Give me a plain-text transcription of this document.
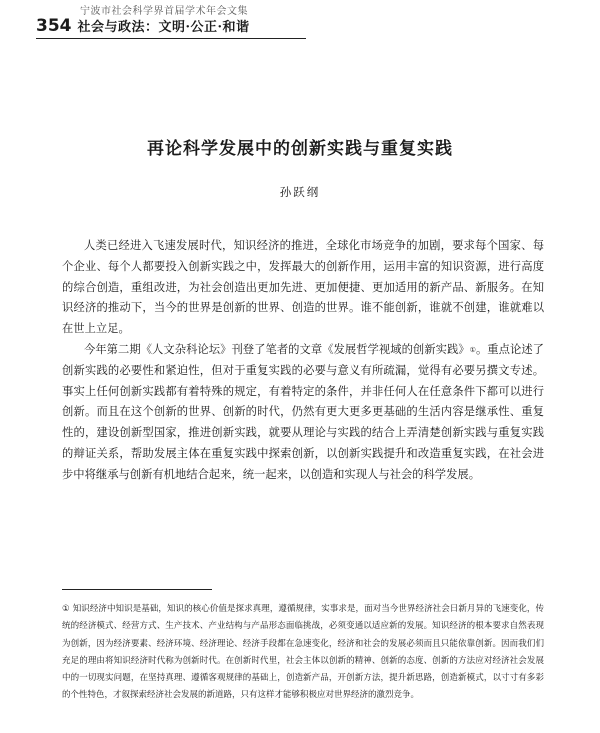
宁波市社会科学界首届学术年会文集
354 社会与政法：文明·公正·和谐
再论科学发展中的创新实践与重复实践
孙跃纲

人类已经进入飞速发展时代，知识经济的推进，全球化市场竞争的加剧，要求每个国家、每个企业、每个人都要投入创新实践之中，发挥最大的创新作用，运用丰富的知识资源，进行高度的综合创造，重组改进，为社会创造出更加先进、更加便捷、更加适用的新产品、新服务。在知识经济的推动下，当今的世界是创新的世界、创造的世界。谁不能创新，谁就不创建，谁就难以在世上立足。

今年第二期《人文杂科论坛》刊登了笔者的文章《发展哲学视域的创新实践》①。重点论述了创新实践的必要性和紧迫性，但对于重复实践的必要与意义有所疏漏，觉得有必要另撰文专述。事实上任何创新实践都有着特殊的规定，有着特定的条件，并非任何人在任意条件下都可以进行创新。而且在这个创新的世界、创新的时代，仍然有更大更多更基础的生活内容是继承性、重复性的，建设创新型国家，推进创新实践，就要从理论与实践的结合上弄清楚创新实践与重复实践的辩证关系，帮助发展主体在重复实践中探索创新，以创新实践提升和改造重复实践，在社会进步中将继承与创新有机地结合起来，统一起来，以创造和实现人与社会的科学发展。

① 知识经济中知识是基础，知识的核心价值是探求真理，遵循规律，实事求是，面对当今世界经济社会日新月异的飞速变化，传统的经济模式、经营方式、生产技术、产业结构与产品形态面临挑战，必须变通以适应新的发展。知识经济的根本要求自然表现为创新，因为经济要素、经济环境、经济理论、经济手段都在急速变化，经济和社会的发展必须而且只能依靠创新。因而我们们充足的理由将知识经济时代称为创新时代。在创新时代里，社会主体以创新的精神、创新的态度、创新的方法应对经济社会发展中的一切现实问题，在坚持真理、遵循客观规律的基础上，创造新产品，开创新方法，提升新思路，创造新模式，以寸寸有多彩的个性特色，才叙探索经济社会发展的新道路，只有这样才能够积极应对世界经济的激烈竞争。
